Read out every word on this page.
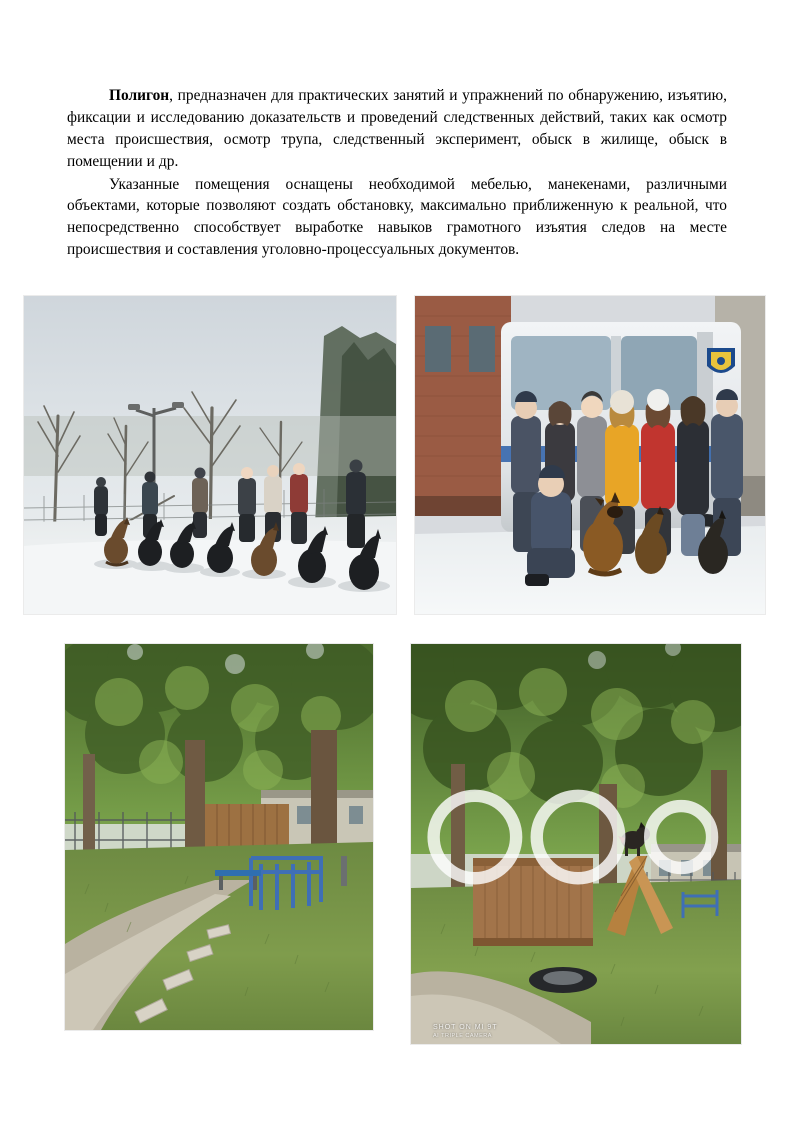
Полигон, предназначен для практических занятий и упражнений по обнаружению, изъятию, фиксации и исследованию доказательств и проведений следственных действий, таких как осмотр места происшествия, осмотр трупа, следственный эксперимент, обыск в жилище, обыск в помещении и др.

Указанные помещения оснащены необходимой мебелью, манекенами, различными объектами, которые позволяют создать обстановку, максимально приближенную к реальной, что непосредственно способствует выработке навыков грамотного изъятия следов на месте происшествия и составления уголовно-процессуальных документов.

SHOT ON MI 9T
AI TRIPLE CAMERA
